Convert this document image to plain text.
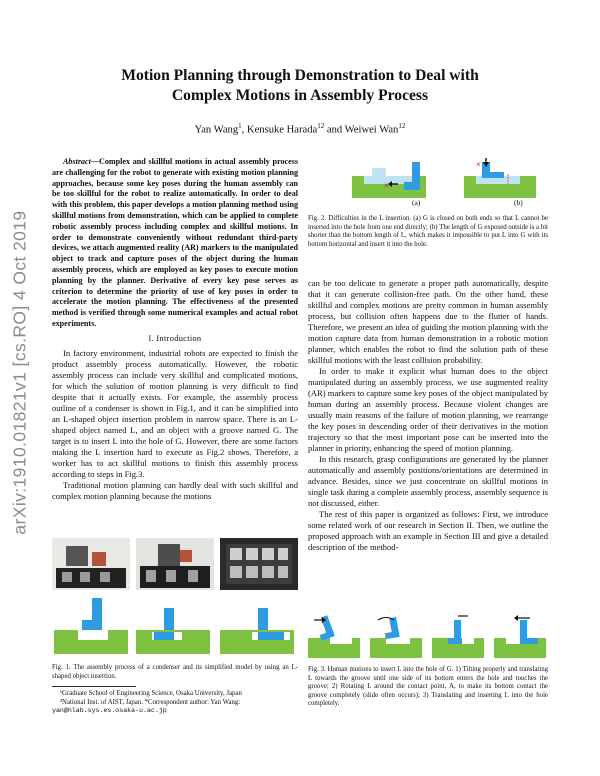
arXiv:1910.01821v1 [cs.RO] 4 Oct 2019
Motion Planning through Demonstration to Deal with
Complex Motions in Assembly Process
Yan Wang$^1$, Kensuke Harada$^{12}$ and Weiwei Wan$^{12}$

Abstract—Complex and skillful motions in actual assembly process are challenging for the robot to generate with existing motion planning approaches, because some key poses during the human assembly can be too skillful for the robot to realize automatically. In order to deal with this problem, this paper develops a motion planning method using skillful motions from demonstration, which can be applied to complete robotic assembly process including complex and skillful motions. In order to demonstrate conveniently without redundant third-party devices, we attach augmented reality (AR) markers to the manipulated object to track and capture poses of the object during the human assembly process, which are employed as key poses to execute motion planning by the planner. Derivative of every key pose serves as criterion to determine the priority of use of key poses in order to accelerate the motion planning. The effectiveness of the presented method is verified through some numerical examples and actual robot experiments.

I. Introduction

In factory environment, industrial robots are expected to finish the product assembly process automatically. However, the robotic assembly process can include very skillful and complicated motions, for which the solution of motion planning is very difficult to find despite that it actually exists. For example, the assembly process outline of a condenser is shown in Fig.1, and it can be simplified into an L-shaped object insertion problem in narrow space. There is an L-shaped object named L, and an object with a groove named G. The target is to insert L into the hole of G. However, there are some factors making the L insertion hard to execute as Fig.2 shows. Therefore, a worker has to act skillful motions to finish this assembly process according to steps in Fig.3.

Traditional motion planning can hardly deal with such skillful and complex motion planning because the motions

Fig. 1. The assembly process of a condenser and its simplified model by using an L-shaped object insertion.
¹Graduate School of Engineering Science, Osaka University, Japan
²National Inst. of AIST, Japan. *Correspondent author: Yan Wang:
yan@hlab.sys.es.osaka-u.ac.jp
×
×
(a)	(b)
Fig. 2. Difficulties in the L insertion. (a) G is closed on both ends so that L cannot be inserted into the hole from one end directly; (b) The length of G exposed outside is a bit shorter than the bottom length of L, which makes it impossible to put L into G with its bottom horizontal and insert it into the hole.

can be too delicate to generate a proper path automatically, despite that it can generate collision-free path. On the other hand, these skillful and complex motions are pretty common in human assembly process, but collision often happens due to the flutter of hands. Therefore, we present an idea of guiding the motion planning with the motion capture data from human demonstration in a robotic motion planner, which enables the robot to find the solution path of these skillful motions with the least collision probability.

In order to make it explicit what human does to the object manipulated during an assembly process, we use augmented reality (AR) markers to capture some key poses of the object manipulated by human during an assembly process. Because violent changes are usually main reasons of the failure of motion planning, we rearrange the key poses in descending order of their derivatives in the motion trajectory so that the most important pose can be inserted into the planner in priority, enhancing the speed of motion planning.

In this research, grasp configurations are generated by the planner automatically and assembly positions/orientations are determined in advance. Besides, since we just concentrate on skillful motions in single task during a complete assembly process, assembly sequence is not discussed, either.

The rest of this paper is organized as follows: First, we introduce some related work of our research in Section II. Then, we outline the proposed approach with an example in Section III and give a detailed description of the method-

Fig. 3. Human motions to insert L into the hole of G. 1) Tilting properly and translating L towards the groove until one side of its bottom enters the hole and touches the groove; 2) Rotating L around the contact point, A, to make its bottom contact the groove completely (slide often occurs); 3) Translating and inserting L into the hole completely.
